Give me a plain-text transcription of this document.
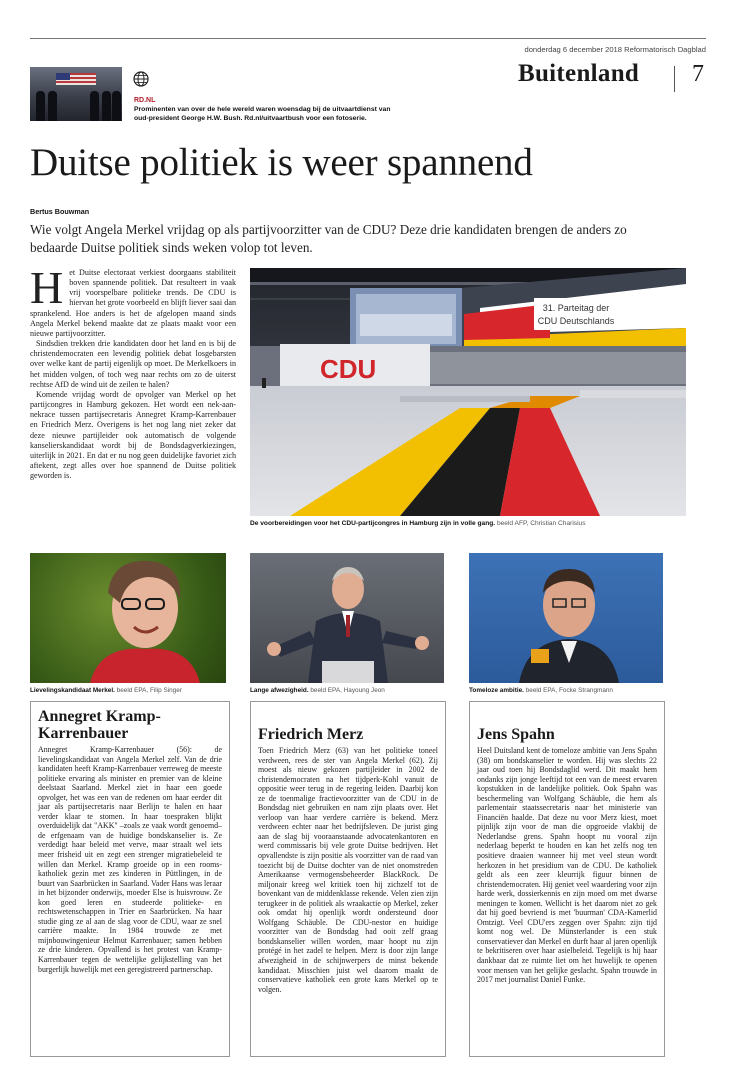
donderdag 6 december 2018 Reformatorisch Dagblad
Buitenland 7
RD.NL
Prominenten van over de hele wereld waren woensdag bij de uitvaartdienst van oud-president George H.W. Bush. Rd.nl/uitvaartbush voor een fotoserie.
Duitse politiek is weer spannend
Bertus Bouwman
Wie volgt Angela Merkel vrijdag op als partijvoorzitter van de CDU? Deze drie kandidaten brengen de anders zo bedaarde Duitse politiek sinds weken volop tot leven.
H et Duitse electoraat verkiest doorgaans stabiliteit boven spannende politiek. Dat resulteert in vaak vrij voorspelbare politieke trends. De CDU is hiervan het grote voorbeeld en blijft liever saai dan sprankelend. Hoe anders is het de afgelopen maand sinds Angela Merkel bekend maakte dat ze plaats maakt voor een nieuwe partijvoorzitter.

Sindsdien trekken drie kandidaten door het land en is bij de christendemocraten een levendig politiek debat losgebarsten over welke kant de partij eigenlijk op moet. De Merkelkoers in het midden volgen, of toch weg naar rechts om zo de uiterst rechtse AfD de wind uit de zeilen te halen?

Komende vrijdag wordt de opvolger van Merkel op het partijcongres in Hamburg gekozen. Het wordt een nek-aan-nekrace tussen partijsecretaris Annegret Kramp-Karrenbauer en Friedrich Merz. Overigens is het nog lang niet zeker dat deze nieuwe partijleider ook automatisch de volgende kanselierskandidaat wordt bij de Bondsdagverkiezingen, uiterlijk in 2021. En dat er nu nog geen duidelijke favoriet zich aftekent, zegt alles over hoe spannend de Duitse politiek geworden is.

31. Parteitag der
CDU Deutschlands
CDU
De voorbereidingen voor het CDU-partijcongres in Hamburg zijn in volle gang. beeld AFP, Christian Charisius
Lievelingskandidaat Merkel. beeld EPA, Filip Singer	Lange afwezigheid. beeld EPA, Hayoung Jeon	Tomeloze ambitie. beeld EPA, Focke Strangmann
Annegret Kramp-Karrenbauer

Annegret Kramp-Karrenbauer (56): de lievelingskandidaat van Angela Merkel zelf. Van de drie kandidaten heeft Kramp-Karrenbauer verreweg de meeste politieke ervaring als minister en premier van de kleine deelstaat Saarland. Merkel ziet in haar een goede opvolger, het was een van de redenen om haar eerder dit jaar als partijsecretaris naar Berlijn te halen en haar verder klaar te stomen. In haar toespraken blijkt overduidelijk dat "AKK" –zoals ze vaak wordt genoemd– de erfgenaam van de huidige bondskanselier is. Ze verdedigt haar beleid met verve, maar straalt wel iets meer frisheid uit en zegt een strenger migratiebeleid te willen dan Merkel. Kramp groeide op in een rooms-katholiek gezin met zes kinderen in Püttlingen, in de buurt van Saarbrücken in Saarland. Vader Hans was leraar in het bijzonder onderwijs, moeder Else is huisvrouw. Ze kon goed leren en studeerde politieke- en rechtswetenschappen in Trier en Saarbrücken. Na haar studie ging ze al aan de slag voor de CDU, waar ze snel carrière maakte. In 1984 trouwde ze met mijnbouwingenieur Helmut Karrenbauer; samen hebben ze drie kinderen. Opvallend is het protest van Kramp-Karrenbauer tegen de wettelijke gelijkstelling van het burgerlijk huwelijk met een geregistreerd partnerschap.

Friedrich Merz

Toen Friedrich Merz (63) van het politieke toneel verdween, rees de ster van Angela Merkel (62). Zij moest als nieuw gekozen partijleider in 2002 de christendemocraten na het tijdperk-Kohl vanuit de oppositie weer terug in de regering leiden. Daarbij kon ze de toenmalige fractievoorzitter van de CDU in de Bondsdag niet gebruiken en nam zijn plaats over. Het verloop van haar verdere carrière is bekend. Merz verdween echter naar het bedrijfsleven. De jurist ging aan de slag bij vooraanstaande advocatenkantoren en werd commissaris bij vele grote Duitse bedrijven. Het opvallendste is zijn positie als voorzitter van de raad van toezicht bij de Duitse dochter van de niet onomstreden Amerikaanse vermogensbeheerder BlackRock. De miljonair kreeg wel kritiek toen hij zichzelf tot de bovenkant van de middenklasse rekende. Velen zien zijn terugkeer in de politiek als wraakactie op Merkel, zeker ook omdat hij openlijk wordt ondersteund door Wolfgang Schäuble. De CDU-nestor en huidige voorzitter van de Bondsdag had ooit zelf graag bondskanselier willen worden, maar hoopt nu zijn protégé in het zadel te helpen. Merz is door zijn lange afwezigheid in de schijnwerpers de minst bekende kandidaat. Misschien juist wel daarom maakt de conservatieve katholiek een grote kans Merkel op te volgen.

Jens Spahn

Heel Duitsland kent de tomeloze ambitie van Jens Spahn (38) om bondskanselier te worden. Hij was slechts 22 jaar oud toen hij Bondsdaglid werd. Dit maakt hem ondanks zijn jonge leeftijd tot een van de meest ervaren kopstukken in de landelijke politiek. Ook Spahn was beschermeling van Wolfgang Schäuble, die hem als parlementair staatssecretaris naar het ministerie van Financiën haalde. Dat deze nu voor Merz kiest, moet pijnlijk zijn voor de man die opgroeide vlakbij de Nederlandse grens. Spahn hoopt nu vooral zijn nederlaag beperkt te houden en kan het zelfs nog ten positieve draaien wanneer hij met veel steun wordt herkozen in het presidium van de CDU. De katholiek geldt als een zeer kleurrijk figuur binnen de christendemocraten. Hij geniet veel waardering voor zijn harde werk, dossierkennis en zijn moed om met dwarse meningen te komen. Wellicht is het daarom niet zo gek dat hij goed bevriend is met 'buurman' CDA-Kamerlid Omtzigt. Veel CDU'ers zeggen over Spahn: zijn tijd komt nog wel. De Münsterlander is een stuk conservatiever dan Merkel en durft haar al jaren openlijk te bekritiseren over haar asielbeleid. Tegelijk is hij haar dankbaar dat ze ruimte liet om het huwelijk te openen voor mensen van het gelijke geslacht. Spahn trouwde in 2017 met journalist Daniel Funke.
